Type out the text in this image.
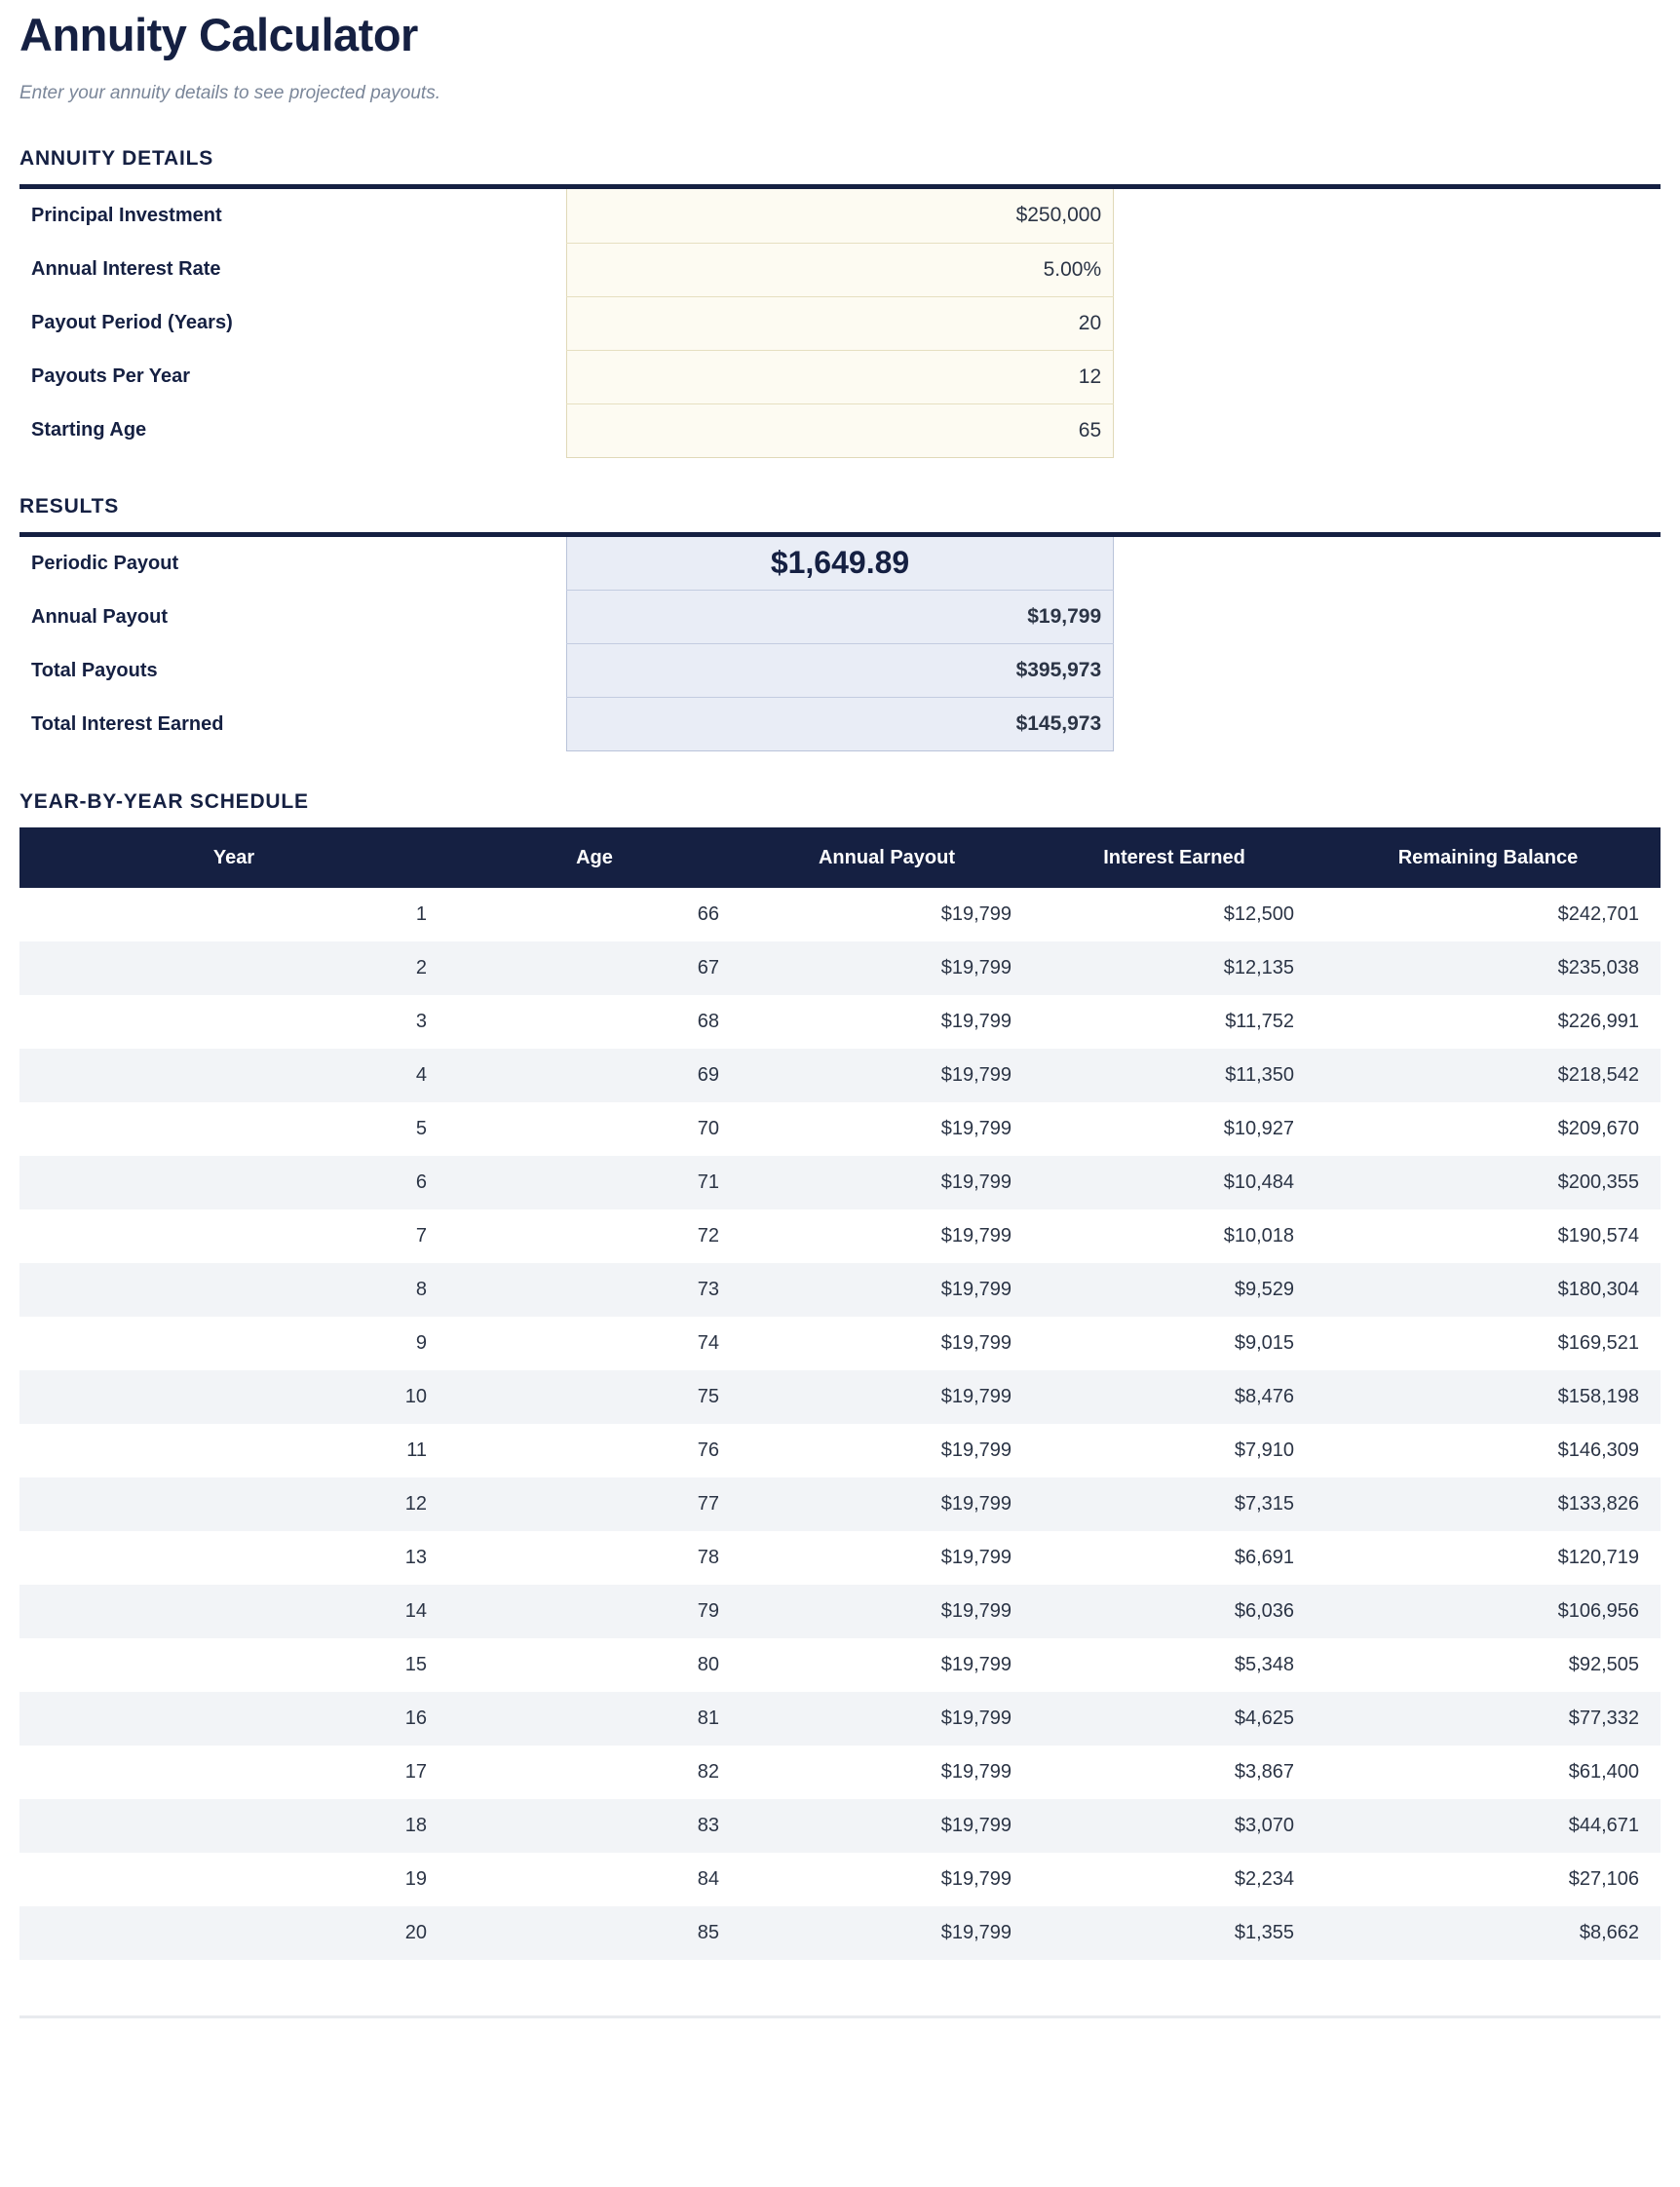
Annuity Calculator

Enter your annuity details to see projected payouts.

ANNUITY DETAILS

Principal Investment	$250,000	
Annual Interest Rate	5.00%	
Payout Period (Years)	20	
Payouts Per Year	12	
Starting Age	65	
RESULTS

Periodic Payout	$1,649.89	
Annual Payout	$19,799	
Total Payouts	$395,973	
Total Interest Earned	$145,973	
YEAR-BY-YEAR SCHEDULE
Year	Age	Annual Payout	Interest Earned	Remaining Balance
1	66	$19,799	$12,500	$242,701
2	67	$19,799	$12,135	$235,038
3	68	$19,799	$11,752	$226,991
4	69	$19,799	$11,350	$218,542
5	70	$19,799	$10,927	$209,670
6	71	$19,799	$10,484	$200,355
7	72	$19,799	$10,018	$190,574
8	73	$19,799	$9,529	$180,304
9	74	$19,799	$9,015	$169,521
10	75	$19,799	$8,476	$158,198
11	76	$19,799	$7,910	$146,309
12	77	$19,799	$7,315	$133,826
13	78	$19,799	$6,691	$120,719
14	79	$19,799	$6,036	$106,956
15	80	$19,799	$5,348	$92,505
16	81	$19,799	$4,625	$77,332
17	82	$19,799	$3,867	$61,400
18	83	$19,799	$3,070	$44,671
19	84	$19,799	$2,234	$27,106
20	85	$19,799	$1,355	$8,662
